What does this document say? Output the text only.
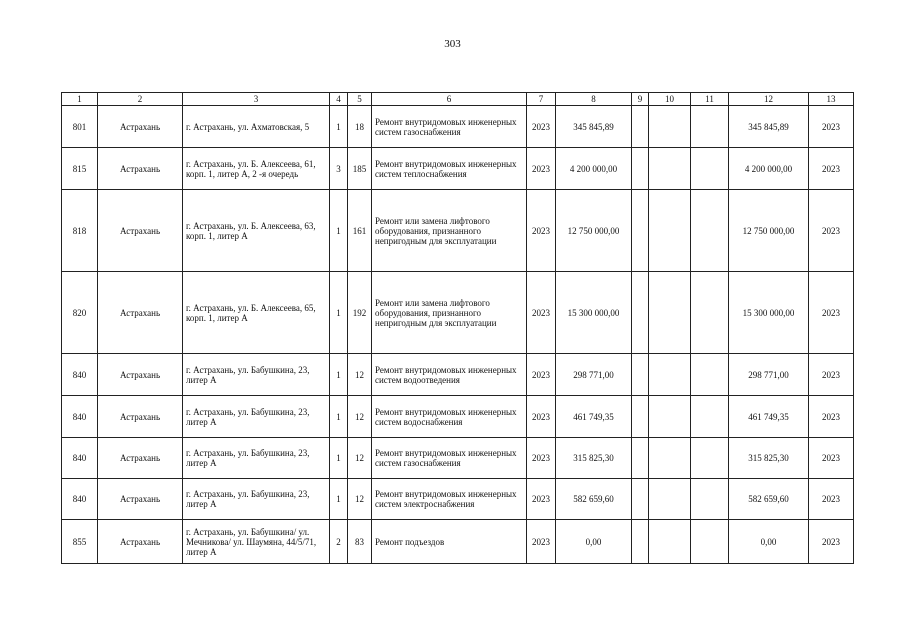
303
1	2	3	4	5	6	7	8	9	10	11	12	13
801	Астрахань	г. Астрахань, ул. Ахматовская, 5	1	18	Ремонт внутридомовых инженерных систем газоснабжения	2023	345 845,89				345 845,89	2023
815	Астрахань	г. Астрахань, ул. Б. Алексеева, 61, корп. 1, литер А, 2 -я очередь	3	185	Ремонт внутридомовых инженерных систем теплоснабжения	2023	4 200 000,00				4 200 000,00	2023
818	Астрахань	г. Астрахань, ул. Б. Алексеева, 63, корп. 1, литер А	1	161	Ремонт или замена лифтового оборудования, признанного непригодным для эксплуатации	2023	12 750 000,00				12 750 000,00	2023
820	Астрахань	г. Астрахань, ул. Б. Алексеева, 65, корп. 1, литер А	1	192	Ремонт или замена лифтового оборудования, признанного непригодным для эксплуатации	2023	15 300 000,00				15 300 000,00	2023
840	Астрахань	г. Астрахань, ул. Бабушкина, 23, литер А	1	12	Ремонт внутридомовых инженерных систем водоотведения	2023	298 771,00				298 771,00	2023
840	Астрахань	г. Астрахань, ул. Бабушкина, 23, литер А	1	12	Ремонт внутридомовых инженерных систем водоснабжения	2023	461 749,35				461 749,35	2023
840	Астрахань	г. Астрахань, ул. Бабушкина, 23, литер А	1	12	Ремонт внутридомовых инженерных систем газоснабжения	2023	315 825,30				315 825,30	2023
840	Астрахань	г. Астрахань, ул. Бабушкина, 23, литер А	1	12	Ремонт внутридомовых инженерных систем электроснабжения	2023	582 659,60				582 659,60	2023
855	Астрахань	г. Астрахань, ул. Бабушкина/ ул. Мечникова/ ул. Шаумяна, 44/5/71, литер А	2	83	Ремонт подъездов	2023	0,00				0,00	2023
